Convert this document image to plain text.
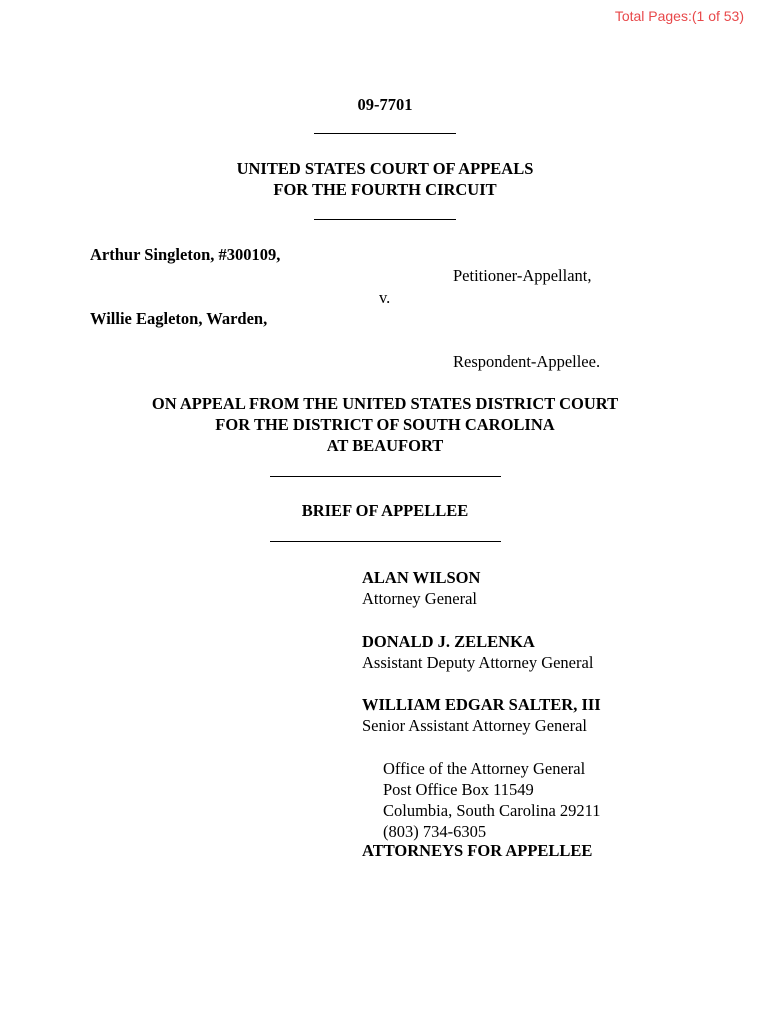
Total Pages:(1 of 53)
09-7701
UNITED STATES COURT OF APPEALS
FOR THE FOURTH CIRCUIT
Arthur Singleton, #300109,
Petitioner-Appellant,
v.
Willie Eagleton, Warden,
Respondent-Appellee.
ON APPEAL FROM THE UNITED STATES DISTRICT COURT
FOR THE DISTRICT OF SOUTH CAROLINA
AT BEAUFORT
BRIEF OF APPELLEE
ALAN WILSON
Attorney General
DONALD J. ZELENKA
Assistant Deputy Attorney General
WILLIAM EDGAR SALTER, III
Senior Assistant Attorney General
Office of the Attorney General
Post Office Box 11549
Columbia, South Carolina 29211
(803) 734-6305
ATTORNEYS FOR APPELLEE
